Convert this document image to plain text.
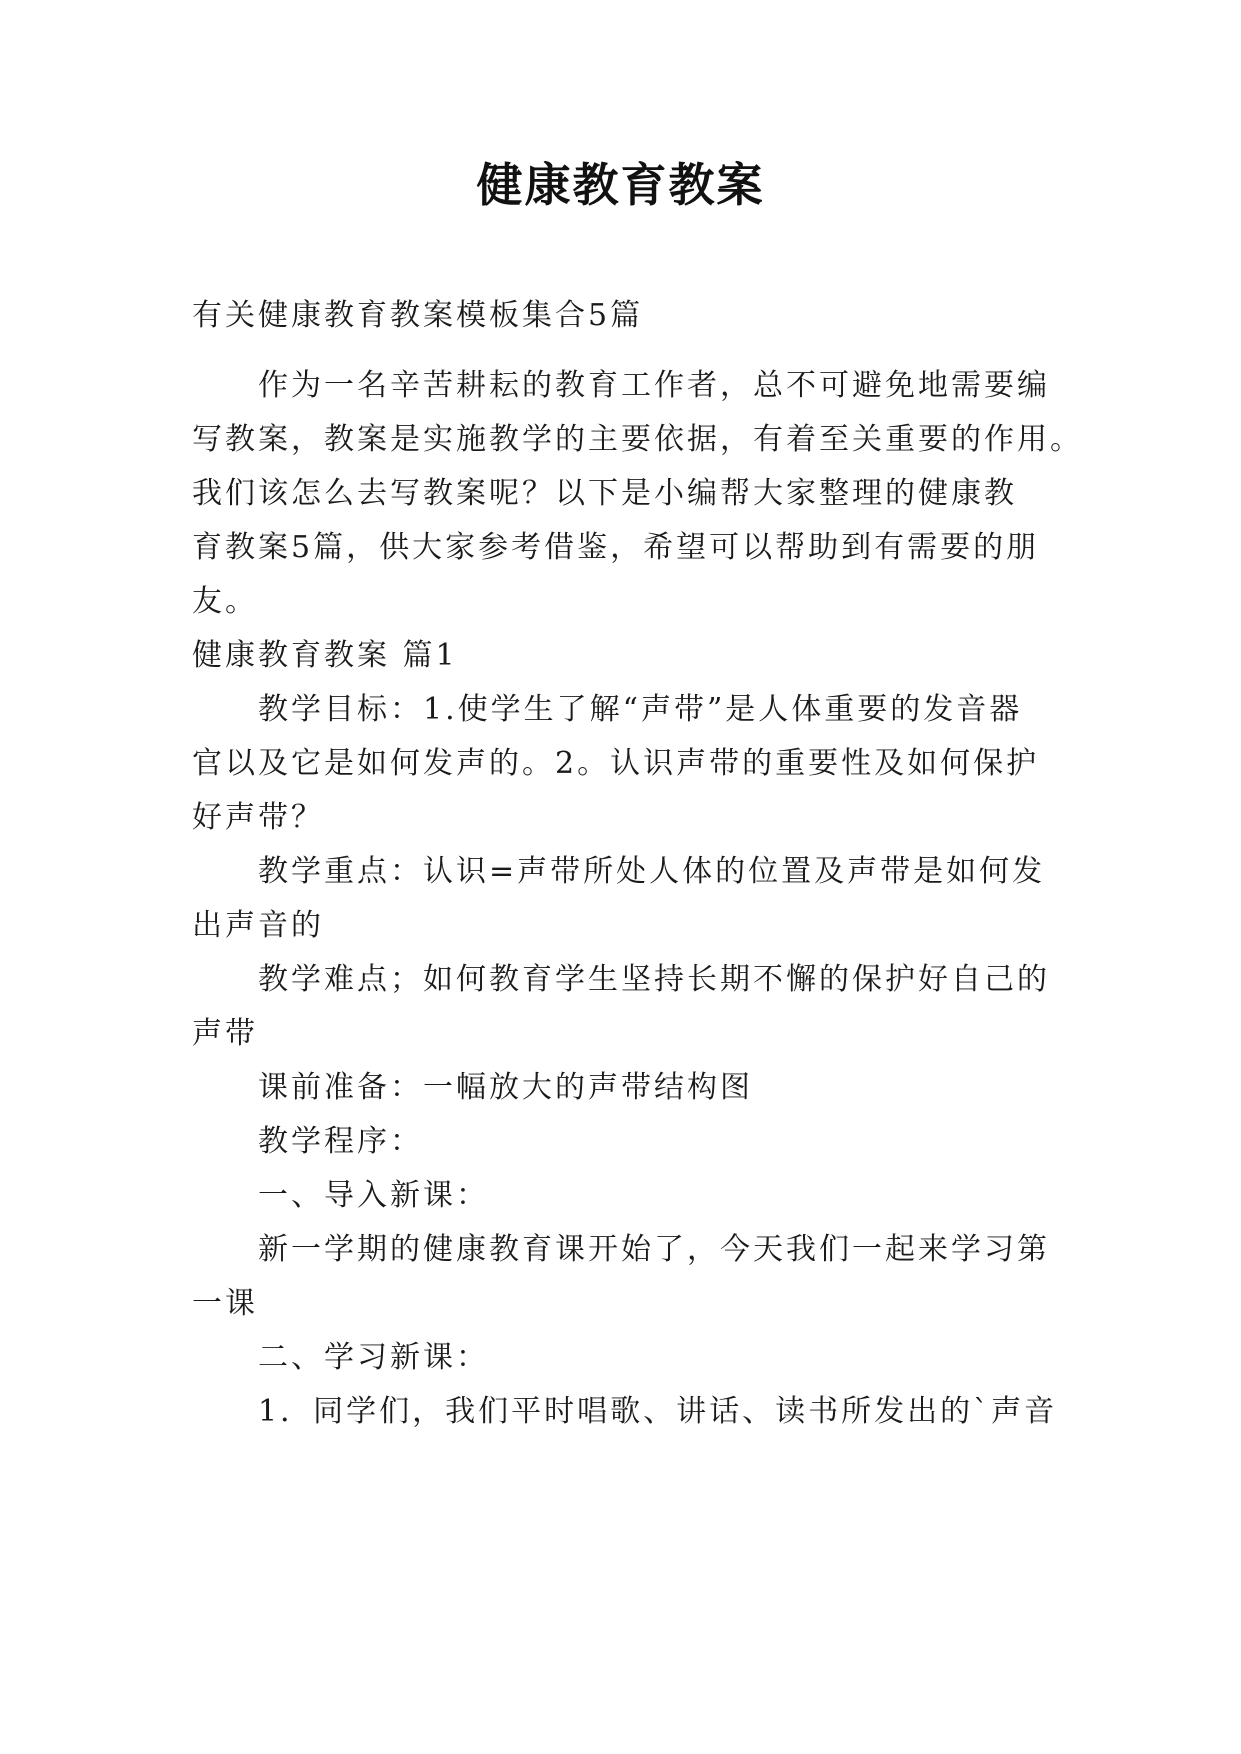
健康教育教案
有关健康教育教案模板集合5篇
作为一名辛苦耕耘的教育工作者，总不可避免地需要编
写教案，教案是实施教学的主要依据，有着至关重要的作用。
我们该怎么去写教案呢？以下是小编帮大家整理的健康教
育教案5篇，供大家参考借鉴，希望可以帮助到有需要的朋
友。
健康教育教案 篇1
教学目标：1.使学生了解“声带”是人体重要的发音器
官以及它是如何发声的。2。认识声带的重要性及如何保护
好声带？
教学重点：认识=声带所处人体的位置及声带是如何发
出声音的
教学难点；如何教育学生坚持长期不懈的保护好自己的
声带
课前准备：一幅放大的声带结构图
教学程序：
一、导入新课：
新一学期的健康教育课开始了，今天我们一起来学习第
一课
二、学习新课：
1．同学们，我们平时唱歌、讲话、读书所发出的`声音
